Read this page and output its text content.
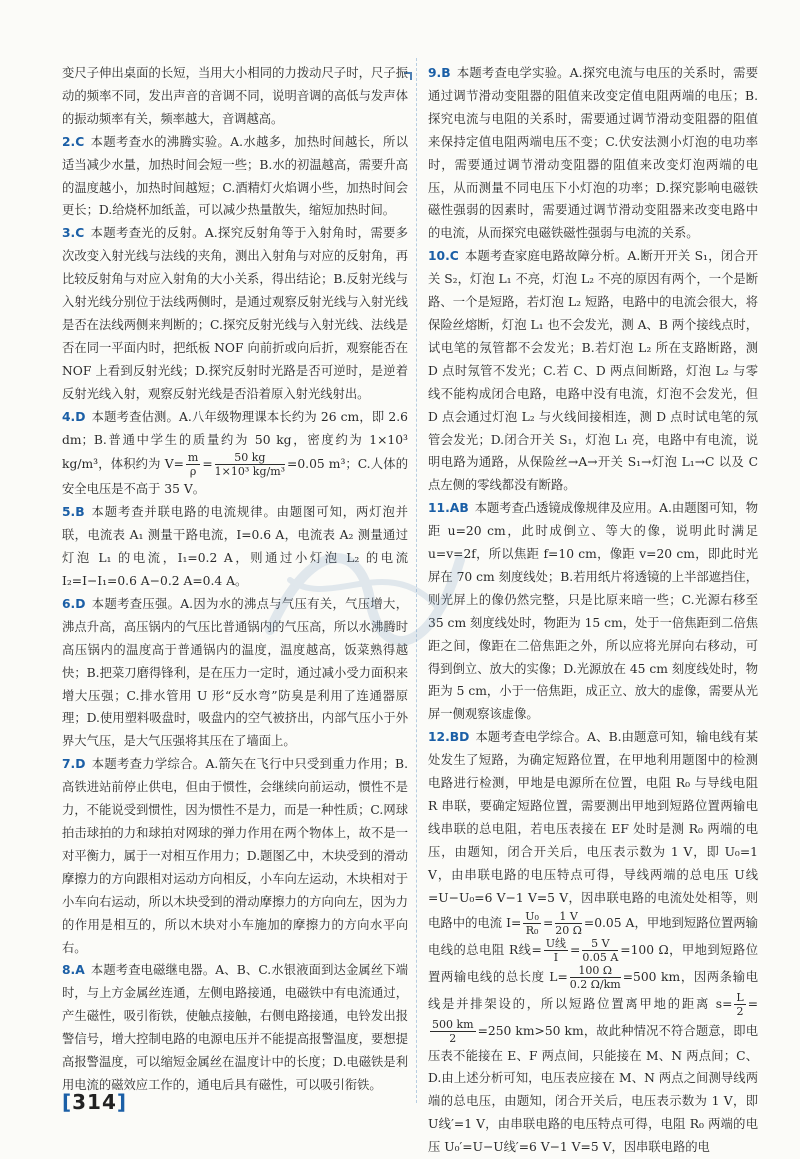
变尺子伸出桌面的长短，当用大小相同的力拨动尺子时，尺子振动的频率不同，发出声音的音调不同，说明音调的高低与发声体的振动频率有关，频率越大，音调越高。

2.C 本题考查水的沸腾实验。A.水越多，加热时间越长，所以适当减少水量，加热时间会短一些；B.水的初温越高，需要升高的温度越小，加热时间越短；C.酒精灯火焰调小些，加热时间会更长；D.给烧杯加纸盖，可以减少热量散失，缩短加热时间。

3.C 本题考查光的反射。A.探究反射角等于入射角时，需要多次改变入射光线与法线的夹角，测出入射角与对应的反射角，再比较反射角与对应入射角的大小关系，得出结论；B.反射光线与入射光线分别位于法线两侧时，是通过观察反射光线与入射光线是否在法线两侧来判断的；C.探究反射光线与入射光线、法线是否在同一平面内时，把纸板 NOF 向前折或向后折，观察能否在 NOF 上看到反射光线；D.探究反射时光路是否可逆时，是逆着反射光线入射，观察反射光线是否沿着原入射光线射出。

4.D 本题考查估测。A.八年级物理课本长约为 26 cm，即 2.6 dm；B.普通中学生的质量约为 50 kg，密度约为 1×10³ kg/m³，体积约为 $V= \frac{m}{\rho} = \frac{50 kg}{\text{1×10³ kg/m³}} =0.05$ m³；C.人体的安全电压是不高于 35 V。

5.B 本题考查并联电路的电流规律。由题图可知，两灯泡并联，电流表 A₁ 测量干路电流，I=0.6 A，电流表 A₂ 测量通过灯泡 L₁ 的电流，I₁=0.2 A，则通过小灯泡 L₂ 的电流 I₂=I−I₁=0.6 A−0.2 A=0.4 A。

6.D 本题考查压强。A.因为水的沸点与气压有关，气压增大，沸点升高，高压锅内的气压比普通锅内的气压高，所以水沸腾时高压锅内的温度高于普通锅内的温度，温度越高，饭菜熟得越快；B.把菜刀磨得锋利，是在压力一定时，通过减小受力面积来增大压强；C.排水管用 U 形“反水弯”防臭是利用了连通器原理；D.使用塑料吸盘时，吸盘内的空气被挤出，内部气压小于外界大气压，是大气压强将其压在了墙面上。

7.D 本题考查力学综合。A.箭矢在飞行中只受到重力作用；B.高铁进站前停止供电，但由于惯性，会继续向前运动，惯性不是力，不能说受到惯性，因为惯性不是力，而是一种性质；C.网球拍击球拍的力和球拍对网球的弹力作用在两个物体上，故不是一对平衡力，属于一对相互作用力；D.题图乙中，木块受到的滑动摩擦力的方向跟相对运动方向相反，小车向左运动，木块相对于小车向右运动，所以木块受到的滑动摩擦力的方向向左，因为力的作用是相互的，所以木块对小车施加的摩擦力的方向水平向右。

8.A 本题考查电磁继电器。A、B、C.水银液面到达金属丝下端时，与上方金属丝连通，左侧电路接通，电磁铁中有电流通过，产生磁性，吸引衔铁，使触点接触，右侧电路接通，电铃发出报警信号，增大控制电路的电源电压并不能提高报警温度，要想提高报警温度，可以缩短金属丝在温度计中的长度；D.电磁铁是利用电流的磁效应工作的，通电后具有磁性，可以吸引衔铁。

9.B 本题考查电学实验。A.探究电流与电压的关系时，需要通过调节滑动变阻器的阻值来改变定值电阻两端的电压；B.探究电流与电阻的关系时，需要通过调节滑动变阻器的阻值来保持定值电阻两端电压不变；C.伏安法测小灯泡的电功率时，需要通过调节滑动变阻器的阻值来改变灯泡两端的电压，从而测量不同电压下小灯泡的功率；D.探究影响电磁铁磁性强弱的因素时，需要通过调节滑动变阻器来改变电路中的电流，从而探究电磁铁磁性强弱与电流的关系。

10.C 本题考查家庭电路故障分析。A.断开开关 S₁，闭合开关 S₂，灯泡 L₁ 不亮，灯泡 L₂ 不亮的原因有两个，一个是断路、一个是短路，若灯泡 L₂ 短路，电路中的电流会很大，将保险丝熔断，灯泡 L₁ 也不会发光，测 A、B 两个接线点时，试电笔的氖管都不会发光；B.若灯泡 L₂ 所在支路断路，测 D 点时氖管不发光；C.若 C、D 两点间断路，灯泡 L₂ 与零线不能构成闭合电路，电路中没有电流，灯泡不会发光，但 D 点会通过灯泡 L₂ 与火线间接相连，测 D 点时试电笔的氖管会发光；D.闭合开关 S₁，灯泡 L₁ 亮，电路中有电流，说明电路为通路，从保险丝→A→开关 S₁→灯泡 L₁→C 以及 C 点左侧的零线都没有断路。

11.AB 本题考查凸透镜成像规律及应用。A.由题图可知，物距 u=20 cm，此时成倒立、等大的像，说明此时满足 u=v=2f，所以焦距 f=10 cm，像距 v=20 cm，即此时光屏在 70 cm 刻度线处；B.若用纸片将透镜的上半部遮挡住，则光屏上的像仍然完整，只是比原来暗一些；C.光源右移至 35 cm 刻度线处时，物距为 15 cm，处于一倍焦距到二倍焦距之间，像距在二倍焦距之外，所以应将光屏向右移动，可得到倒立、放大的实像；D.光源放在 45 cm 刻度线处时，物距为 5 cm，小于一倍焦距，成正立、放大的虚像，需要从光屏一侧观察该虚像。

12.BD 本题考查电学综合。A、B.由题意可知，输电线有某处发生了短路，为确定短路位置，在甲地利用题图中的检测电路进行检测，甲地是电源所在位置，电阻 R₀ 与导线电阻 R 串联，要确定短路位置，需要测出甲地到短路位置两输电线串联的总电阻，若电压表接在 EF 处时是测 R₀ 两端的电压，由题知，闭合开关后，电压表示数为 1 V，即 U₀=1 V，由串联电路的电压特点可得，导线两端的总电压 U线=U−U₀=6 V−1 V=5 V，因串联电路的电流处处相等，则电路中的电流 $I= \frac{\text{U₀}}{\text{R₀}} = \frac{1 V}{20 \Omega} =0.05$ A，甲地到短路位置两输电线的总电阻 R线= $\frac{\text{U线}}{I} = \frac{5 V}{0.05 A} =100$ Ω，甲地到短路位置两输电线的总长度 $L= \frac{100 \Omega}{0.2 \Omega/km} =500$ km，因两条输电线是并排架设的，所以短路位置离甲地的距离 $s= \frac{L}{2}$ =
$\frac{500 km}{2} =250$ km>50 km，故此种情况不符合题意，即电压表不能接在 E、F 两点间，只能接在 M、N 两点间；C、D.由上述分析可知，电压表应接在 M、N 两点之间测导线两端的总电压，由题知，闭合开关后，电压表示数为 1 V，即 U线′=1 V，由串联电路的电压特点可得，电阻 R₀ 两端的电压 U₀′=U−U线′=6 V−1 V=5 V，因串联电路的电

[314]
